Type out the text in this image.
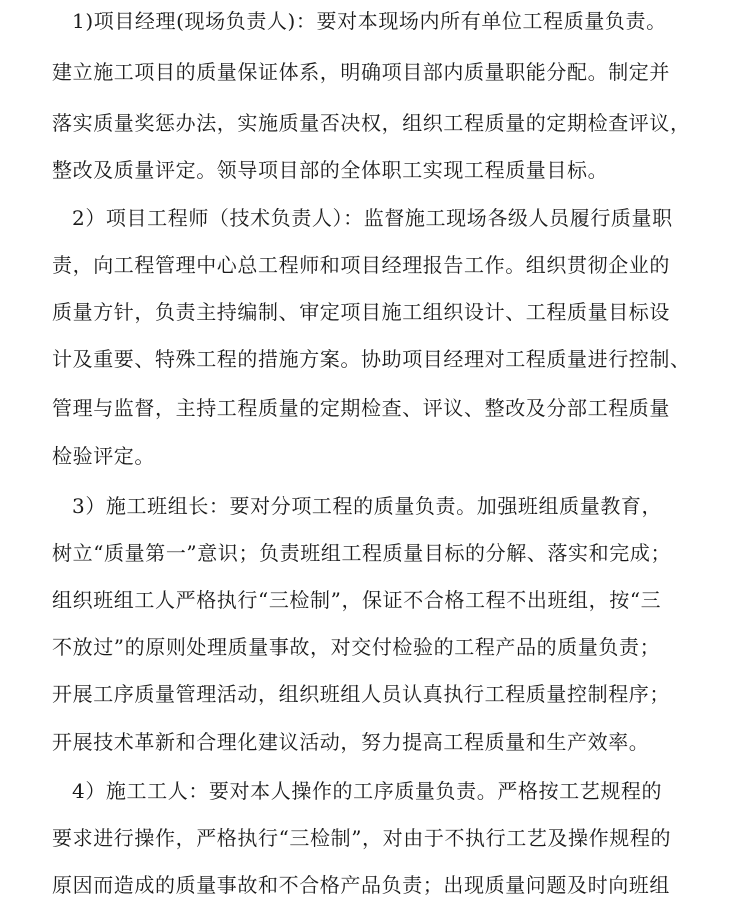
1)项目经理(现场负责人)：要对本现场内所有单位工程质量负责。
建立施工项目的质量保证体系，明确项目部内质量职能分配。制定并
落实质量奖惩办法，实施质量否决权，组织工程质量的定期检查评议，
整改及质量评定。领导项目部的全体职工实现工程质量目标。
2）项目工程师（技术负责人）：监督施工现场各级人员履行质量职
责，向工程管理中心总工程师和项目经理报告工作。组织贯彻企业的
质量方针，负责主持编制、审定项目施工组织设计、工程质量目标设
计及重要、特殊工程的措施方案。协助项目经理对工程质量进行控制、
管理与监督，主持工程质量的定期检查、评议、整改及分部工程质量
检验评定。
3）施工班组长：要对分项工程的质量负责。加强班组质量教育，
树立“质量第一”意识；负责班组工程质量目标的分解、落实和完成；
组织班组工人严格执行“三检制”，保证不合格工程不出班组，按“三
不放过”的原则处理质量事故，对交付检验的工程产品的质量负责；
开展工序质量管理活动，组织班组人员认真执行工程质量控制程序；
开展技术革新和合理化建议活动，努力提高工程质量和生产效率。
4）施工工人：要对本人操作的工序质量负责。严格按工艺规程的
要求进行操作，严格执行“三检制”，对由于不执行工艺及操作规程的
原因而造成的质量事故和不合格产品负责；出现质量问题及时向班组
